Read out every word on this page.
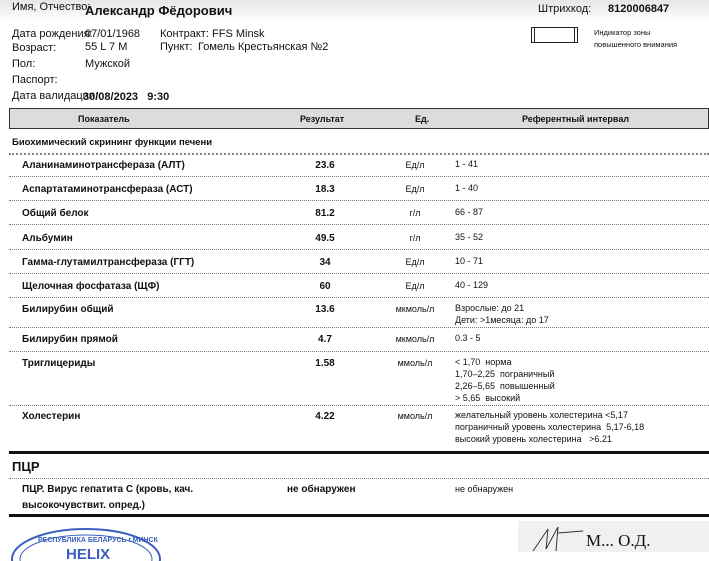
Имя, Отчество:
Александр Фёдорович	Штрихкод: 8120006847
Дата рождения:
07/01/1968
Возраст:	55 L 7 M
Пол:	Мужской
Паспорт:
Дата валидации:
30/08/2023   9:30
Контракт: FFS Minsk
Пункт: Гомель Крестьянская №2
Индикатор зоны
повышенного внимания
Показатель	Результат	Ед.	Референтный интервал
Биохимический скрининг функции печени
Аланинаминотрансфераза (АЛТ)	23.6	Ед/л	1 - 41
Аспартатаминотрансфераза (АСТ)	18.3	Ед/л	1 - 40
Общий белок	81.2	г/л	66 - 87
Альбумин	49.5	г/л	35 - 52
Гамма-глутамилтрансфераза (ГГТ)	34	Ед/л	10 - 71
Щелочная фосфатаза (ЩФ)	60	Ед/л	40 - 129
Билирубин общий	13.6	мкмоль/л	Взрослые: до 21
Дети: >1месяца: до 17
Билирубин прямой	4.7	мкмоль/л	0.3 - 5
Триглицериды	1.58	ммоль/л	< 1,70  норма
1,70–2,25  пограничный
2,26–5,65  повышенный
> 5,65  высокий
Холестерин	4.22	ммоль/л	желательный уровень холестерина <5,17
пограничный уровень холестерина  5,17-6,18
высокий уровень холестерина   >6.21
ПЦР
ПЦР. Вирус гепатита С (кровь, кач.
высокочувствит. опред.)
не обнаружен	не обнаружен
РЕСПУБЛИКА БЕЛАРУСЬ г.МИНСК
HELIX
М... О.Д.
